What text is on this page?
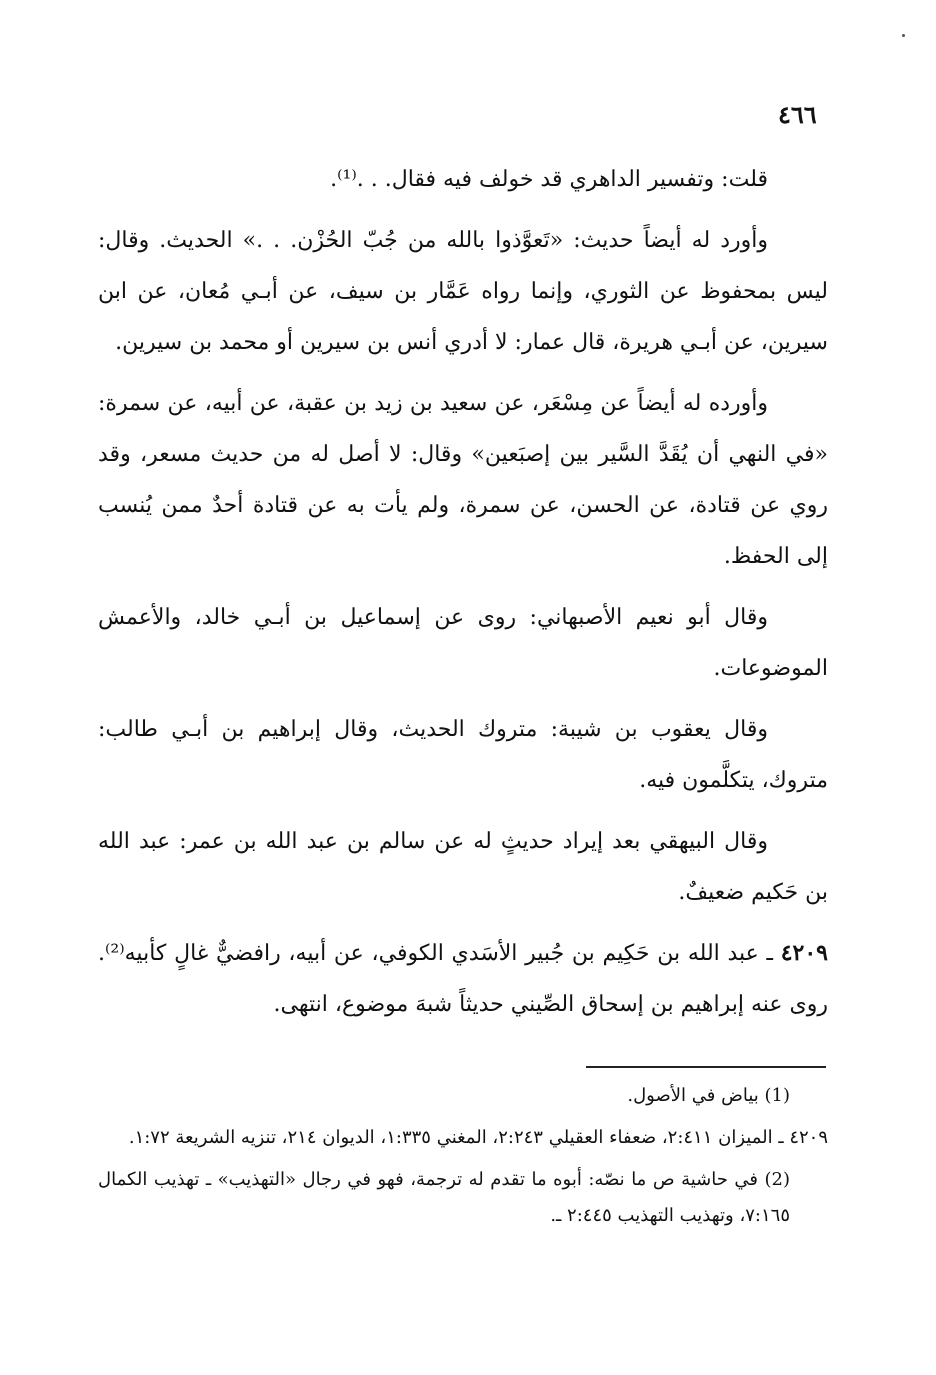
٤٦٦

قلت: وتفسير الداهري قد خولف فيه فقال. . .⁽¹⁾.

وأورد له أيضاً حديث: «تَعوَّذوا بالله من جُبّ الحُزْن. . .» الحديث. وقال: ليس بمحفوظ عن الثوري، وإنما رواه عَمَّار بن سيف، عن أبـي مُعان، عن ابن سيرين، عن أبـي هريرة، قال عمار: لا أدري أنس بن سيرين أو محمد بن سيرين.

وأورده له أيضاً عن مِسْعَر، عن سعيد بن زيد بن عقبة، عن أبيه، عن سمرة: «في النهي أن يُقَدَّ السَّير بين إصبَعين» وقال: لا أصل له من حديث مسعر، وقد روي عن قتادة، عن الحسن، عن سمرة، ولم يأت به عن قتادة أحدٌ ممن يُنسب إلى الحفظ.

وقال أبو نعيم الأصبهاني: روى عن إسماعيل بن أبـي خالد، والأعمش الموضوعات.

وقال يعقوب بن شيبة: متروك الحديث، وقال إبراهيم بن أبـي طالب: متروك، يتكلَّمون فيه.

وقال البيهقي بعد إيراد حديثٍ له عن سالم بن عبد الله بن عمر: عبد الله بن حَكيم ضعيفٌ.

٤٢٠٩ ـ عبد الله بن حَكِيم بن جُبير الأسَدي الكوفي، عن أبيه، رافضيٌّ غالٍ كأبيه⁽²⁾. روى عنه إبراهيم بن إسحاق الصِّيني حديثاً شبهَ موضوع، انتهى.

(1) بياض في الأصول.

٤٢٠٩ ـ الميزان ٢:٤١١، ضعفاء العقيلي ٢:٢٤٣، المغني ١:٣٣٥، الديوان ٢١٤، تنزيه الشريعة ١:٧٢.

(2) في حاشية ص ما نصّه: أبوه ما تقدم له ترجمة، فهو في رجال «التهذيب» ـ تهذيب الكمال ٧:١٦٥، وتهذيب التهذيب ٢:٤٤٥ ـ.
